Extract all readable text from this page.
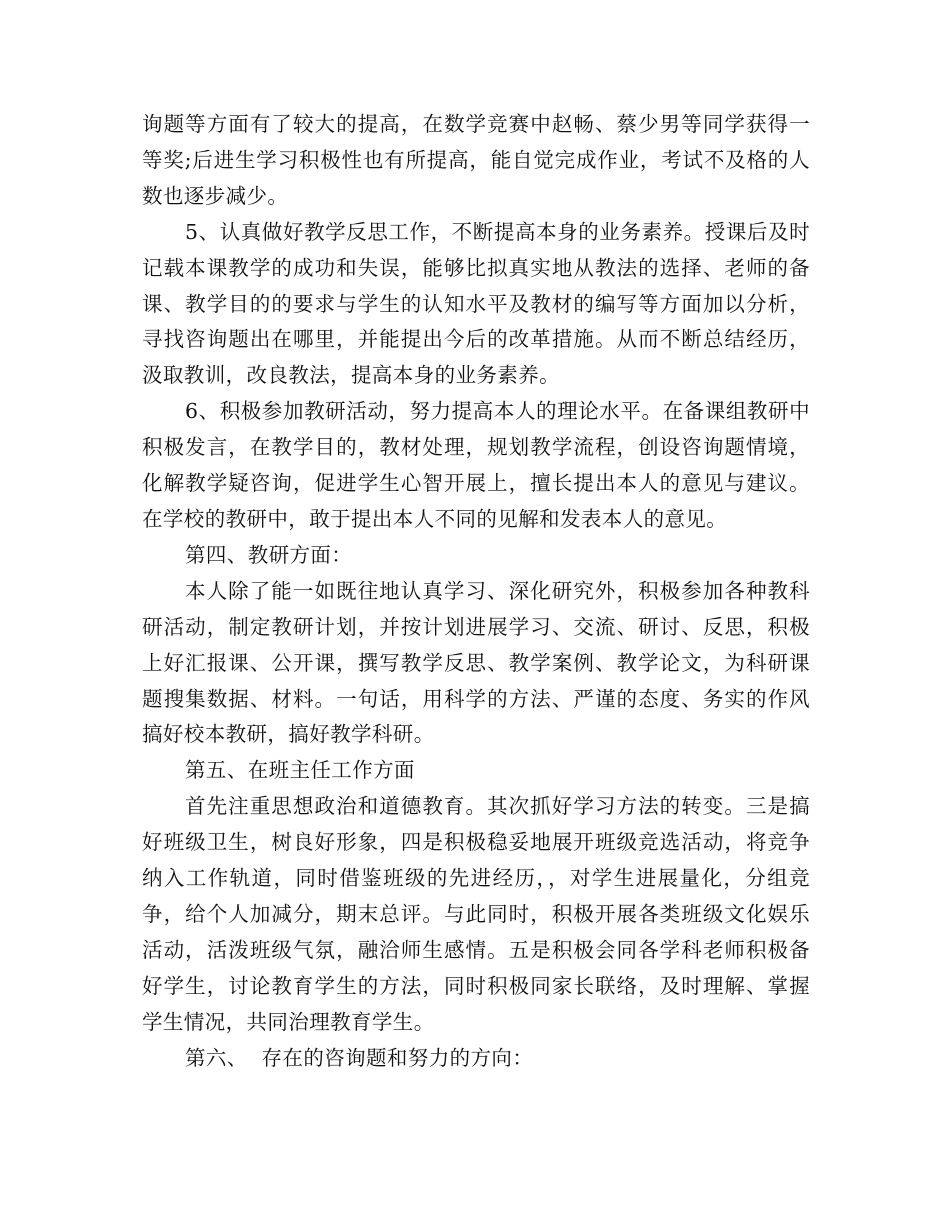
询题等方面有了较大的提高，在数学竞赛中赵畅、蔡少男等同学获得一等奖;后进生学习积极性也有所提高，能自觉完成作业，考试不及格的人数也逐步减少。

5、认真做好教学反思工作，不断提高本身的业务素养。授课后及时记载本课教学的成功和失误，能够比拟真实地从教法的选择、老师的备课、教学目的的要求与学生的认知水平及教材的编写等方面加以分析，寻找咨询题出在哪里，并能提出今后的改革措施。从而不断总结经历，汲取教训，改良教法，提高本身的业务素养。

6、积极参加教研活动，努力提高本人的理论水平。在备课组教研中积极发言，在教学目的，教材处理，规划教学流程，创设咨询题情境，化解教学疑咨询，促进学生心智开展上，擅长提出本人的意见与建议。在学校的教研中，敢于提出本人不同的见解和发表本人的意见。

第四、教研方面：

本人除了能一如既往地认真学习、深化研究外，积极参加各种教科研活动，制定教研计划，并按计划进展学习、交流、研讨、反思，积极上好汇报课、公开课，撰写教学反思、教学案例、教学论文，为科研课题搜集数据、材料。一句话，用科学的方法、严谨的态度、务实的作风搞好校本教研，搞好教学科研。

第五、在班主任工作方面

首先注重思想政治和道德教育。其次抓好学习方法的转变。三是搞好班级卫生，树良好形象，四是积极稳妥地展开班级竞选活动，将竞争纳入工作轨道，同时借鉴班级的先进经历，，对学生进展量化，分组竞争，给个人加减分，期末总评。与此同时，积极开展各类班级文化娱乐活动，活泼班级气氛，融洽师生感情。五是积极会同各学科老师积极备好学生，讨论教育学生的方法，同时积极同家长联络，及时理解、掌握学生情况，共同治理教育学生。

第六、  存在的咨询题和努力的方向：
